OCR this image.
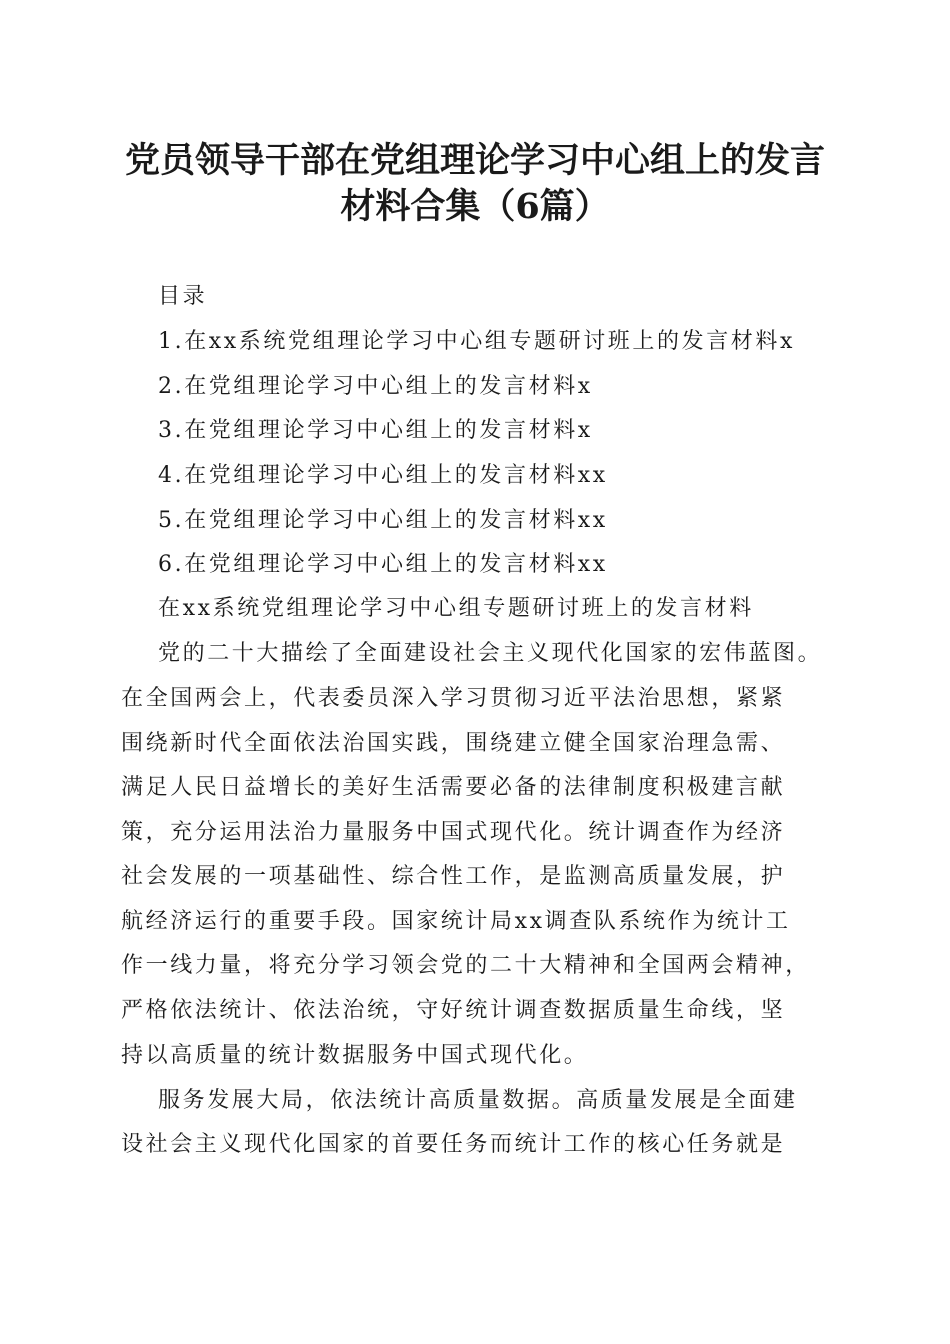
党员领导干部在党组理论学习中心组上的发言
材料合集（6篇）

目录

1.在xx系统党组理论学习中心组专题研讨班上的发言材料x

2.在党组理论学习中心组上的发言材料x

3.在党组理论学习中心组上的发言材料x

4.在党组理论学习中心组上的发言材料xx

5.在党组理论学习中心组上的发言材料xx

6.在党组理论学习中心组上的发言材料xx

在xx系统党组理论学习中心组专题研讨班上的发言材料

党的二十大描绘了全面建设社会主义现代化国家的宏伟蓝图。

在全国两会上，代表委员深入学习贯彻习近平法治思想，紧紧

围绕新时代全面依法治国实践，围绕建立健全国家治理急需、

满足人民日益增长的美好生活需要必备的法律制度积极建言献

策，充分运用法治力量服务中国式现代化。统计调查作为经济

社会发展的一项基础性、综合性工作，是监测高质量发展，护

航经济运行的重要手段。国家统计局xx调查队系统作为统计工

作一线力量，将充分学习领会党的二十大精神和全国两会精神，

严格依法统计、依法治统，守好统计调查数据质量生命线，坚

持以高质量的统计数据服务中国式现代化。

服务发展大局，依法统计高质量数据。高质量发展是全面建

设社会主义现代化国家的首要任务而统计工作的核心任务就是
